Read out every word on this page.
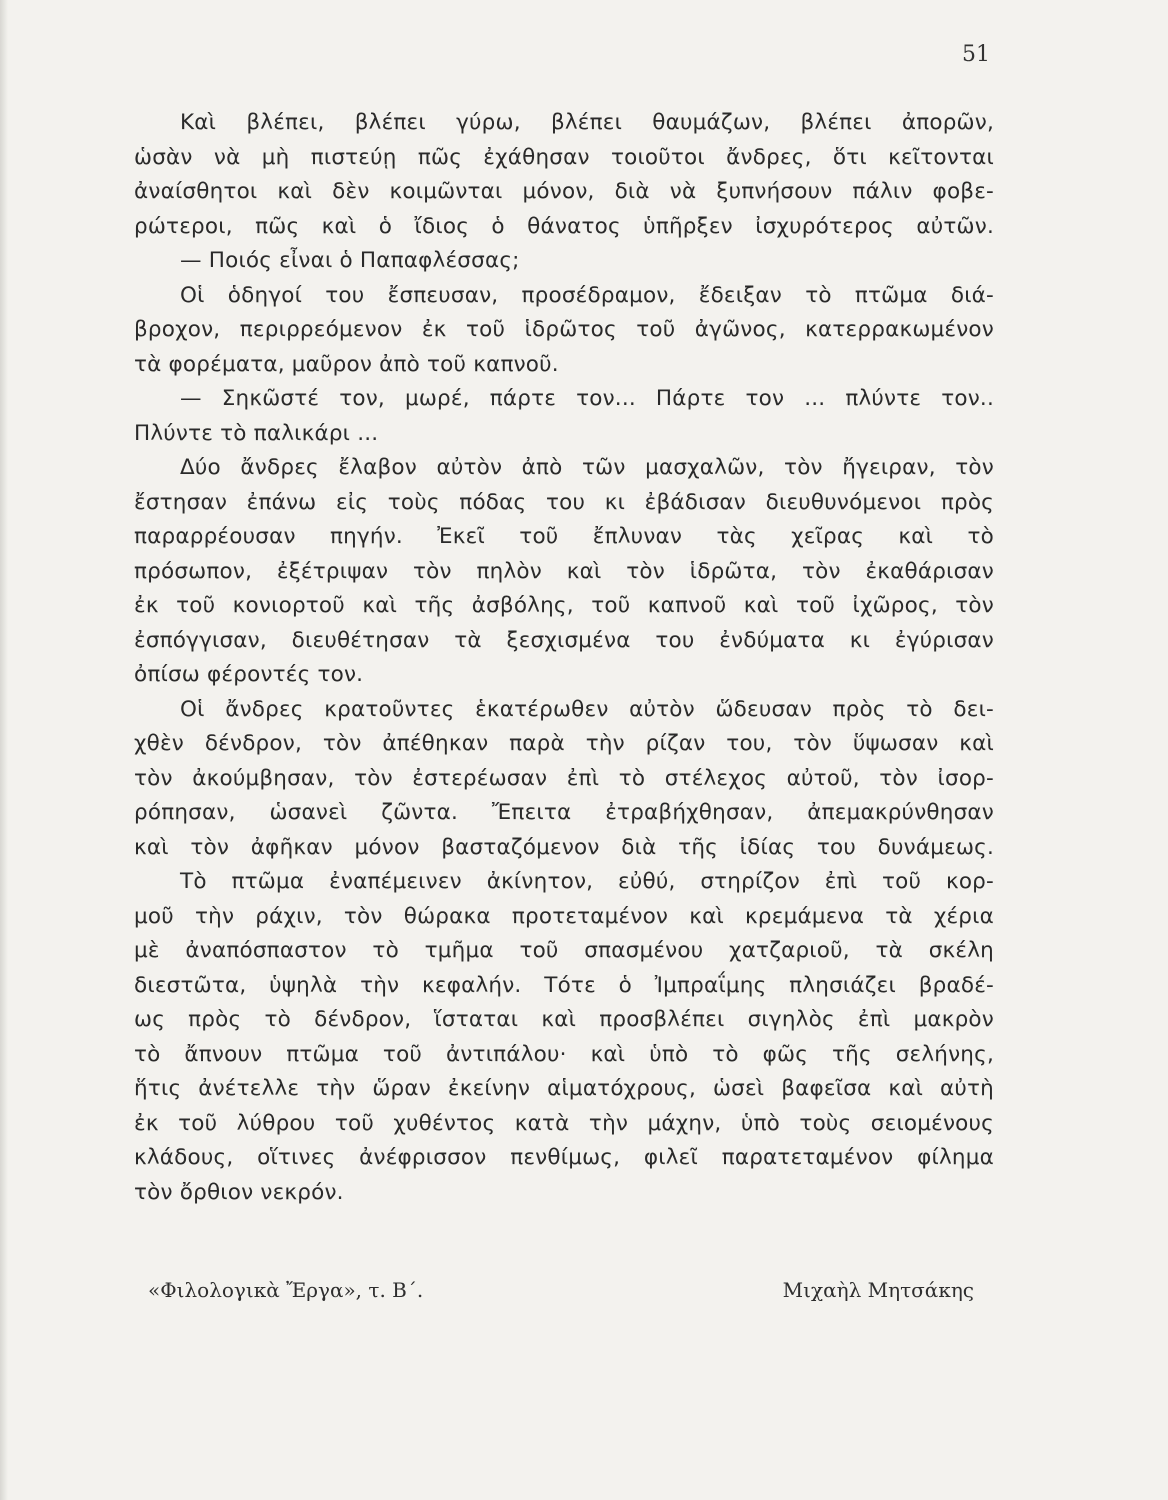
51
Καὶ βλέπει, βλέπει γύρω, βλέπει θαυμάζων, βλέπει ἀπορῶν,
ὡσὰν νὰ μὴ πιστεύῃ πῶς ἐχάθησαν τοιοῦτοι ἄνδρες, ὅτι κεῖτονται
ἀναίσθητοι καὶ δὲν κοιμῶνται μόνον, διὰ νὰ ξυπνήσουν πάλιν φοβε-
ρώτεροι, πῶς καὶ ὁ ἴδιος ὁ θάνατος ὑπῆρξεν ἰσχυρότερος αὐτῶν.
— Ποιός εἶναι ὁ Παπαφλέσσας;
Οἱ ὁδηγοί του ἔσπευσαν, προσέδραμον, ἔδειξαν τὸ πτῶμα διά-
βροχον, περιρρεόμενον ἐκ τοῦ ἱδρῶτος τοῦ ἀγῶνος, κατερρακωμένον
τὰ φορέματα, μαῦρον ἀπὸ τοῦ καπνοῦ.
— Σηκῶστέ τον, μωρέ, πάρτε τον... Πάρτε τον ... πλύντε τον..
Πλύντε τὸ παλικάρι ...
Δύο ἄνδρες ἔλαβον αὐτὸν ἀπὸ τῶν μασχαλῶν, τὸν ἤγειραν, τὸν
ἔστησαν ἐπάνω εἰς τοὺς πόδας του κι ἐβάδισαν διευθυνόμενοι πρὸς
παραρρέουσαν πηγήν. Ἐκεῖ τοῦ ἔπλυναν τὰς χεῖρας καὶ τὸ
πρόσωπον, ἐξέτριψαν τὸν πηλὸν καὶ τὸν ἱδρῶτα, τὸν ἐκαθάρισαν
ἐκ τοῦ κονιορτοῦ καὶ τῆς ἀσβόλης, τοῦ καπνοῦ καὶ τοῦ ἰχῶρος, τὸν
ἐσπόγγισαν, διευθέτησαν τὰ ξεσχισμένα του ἐνδύματα κι ἐγύρισαν
ὀπίσω φέροντές τον.
Οἱ ἄνδρες κρατοῦντες ἑκατέρωθεν αὐτὸν ὥδευσαν πρὸς τὸ δει-
χθὲν δένδρον, τὸν ἀπέθηκαν παρὰ τὴν ρίζαν του, τὸν ὕψωσαν καὶ
τὸν ἀκούμβησαν, τὸν ἐστερέωσαν ἐπὶ τὸ στέλεχος αὐτοῦ, τὸν ἰσορ-
ρόπησαν, ὡσανεὶ ζῶντα. Ἔπειτα ἐτραβήχθησαν, ἀπεμακρύνθησαν
καὶ τὸν ἀφῆκαν μόνον βασταζόμενον διὰ τῆς ἰδίας του δυνάμεως.
Τὸ πτῶμα ἐναπέμεινεν ἀκίνητον, εὐθύ, στηρίζον ἐπὶ τοῦ κορ-
μοῦ τὴν ράχιν, τὸν θώρακα προτεταμένον καὶ κρεμάμενα τὰ χέρια
μὲ ἀναπόσπαστον τὸ τμῆμα τοῦ σπασμένου χατζαριοῦ, τὰ σκέλη
διεστῶτα, ὑψηλὰ τὴν κεφαλήν. Τότε ὁ Ἰμπραΐμης πλησιάζει βραδέ-
ως πρὸς τὸ δένδρον, ἵσταται καὶ προσβλέπει σιγηλὸς ἐπὶ μακρὸν
τὸ ἄπνουν πτῶμα τοῦ ἀντιπάλου· καὶ ὑπὸ τὸ φῶς τῆς σελήνης,
ἥτις ἀνέτελλε τὴν ὥραν ἐκείνην αἱματόχρους, ὡσεὶ βαφεῖσα καὶ αὐτὴ
ἐκ τοῦ λύθρου τοῦ χυθέντος κατὰ τὴν μάχην, ὑπὸ τοὺς σειομένους
κλάδους, οἵτινες ἀνέφρισσον πενθίμως, φιλεῖ παρατεταμένον φίλημα
τὸν ὄρθιον νεκρόν.
«Φιλολογικὰ Ἔργα», τ. Β΄.	Μιχαὴλ Μητσάκης
